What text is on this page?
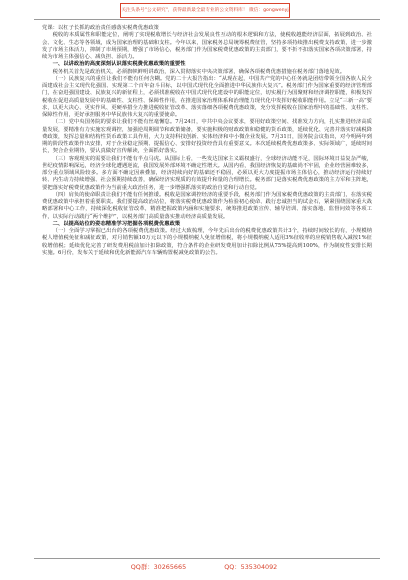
关注头条号"公文研究"，获得最新最全最专业的公文资料库！ 微信：gongwenyj

党课：以杠子长抓的政治责任感落实税费优惠政策

税收的本质属性和职能定位，阐明了实现税收增长与经济社会发展良性互动的根本逻辑和方法，使税收越能经济层面，拓展到政治、社会、文化、生态等各领域，成为国家治理的基础和支柱。今年以来，国家税务总局统筹税费征管，坚持多项持续推出税费支持政策，进一步激发了市场主体活力，抑制了市场预期，增强了市场信心，税务部门作为国家税费优惠政策的主责部门，要不折不扣落实国家各项决策部署，持续为市场主体强信心、减负担、添活力。

一、以讲政治的高度深刻认识落实税费优惠政策的重要性

税务机关首先是政治机关，必须旗帜鲜明讲政治，深入贯彻落实中央决策部署，确保各项税费优惠措施在税务部门落地见效。

（一）民族复兴的重任让我们不能有任何含糊。党的二十大报告指出：“从现在起，中国共产党的中心任务就是团结带领全国各族人民全面建成社会主义现代化强国、实现第二个百年奋斗目标，以中国式现代化全面推进中华民族伟大复兴”。税务部门作为国家重要的经济管理部门，在奋进强国建设、民族复兴的新征程上，必须找准税收在中国式现代化建设中的职能定位，切实履行为国聚财和经济调控职能，积极发挥税收在促进高质量发展中的基础性、支柱性、保障性作用，在推进国家治理体系和治理能力现代化中发挥好税收职能作用。立足“三新一高”要求，以更大决心、更实作风、更硬举措全力推进税收征管改革、落实落细各项税费优惠政策，充分发挥税收在国家治理中的基础性、支柱性、保障性作用，更好承担服务中华民族伟大复兴的重要使命。

（二）党中央国务院的要求让我们不能有丝毫懈怠。7月24日，中共中央会议要求，要用好政策空间、找准发力方向，扎实推进经济高质量发展，要精准有力实施宏观调控，加强逆周期调节和政策储备，要实施积极的财政政策和稳健的货币政策，延续优化、完善并落实好减税降费政策，发挥总量和结构性货币政策工具作用，大力支持科技创新、实体经济和中小微企业发展。7月31日，国务院会议指出，对今明两年到期的阶段性政策作出安排，对于企业稳定预期、提振信心、安排好投资经营具有重要意义。本次延续税费优惠政策多、实际领域广，延续时间长，契合企业期待，要认真做好宣传解读，全面抓好落实。

（三）客观现实的需要让我们不能有半点马虎。从国际上看，一些发达国家主义霸权盛行，全球经济动能不足，国际环境日益复杂严峻，世纪疫情影响深远，经济全球化遭遇逆流，我国发展外部环境不确定性增大。从国内看，我国经济恢复的基础尚不牢固，企业经营困难较多，部分重点领域风险较多。多方面不确定因素叠加，经济持续向好的基础还不稳固，必须以更大力度提振市场主体信心，推动经济运行持续好转、内生动力持续增强、社会预期持续改善，确保经济实现质的有效提升和量的合理增长。税务部门是落实税费优惠政策的主力军和主阵地，要把落实好税费优惠政策作为当前重大政治任务，进一步增强抓落实的政治自觉和行动自觉。

（四）肩负的使命职责让我们不能有任何推诿。税收是国家调控经济的重要手段，税务部门作为国家税费优惠政策的主责部门，在落实税费优惠政策中承担着重要职责。我们要提高政治站位，将落实税费优惠政策作为检验初心使命、践行忠诚担当的试金石，紧紧围绕国家重大战略部署和中心工作，持续深化税收征管改革，精准把握政策内涵和实施要求，统筹推进政策宣传、辅导培训、落实落地、监督问效等各项工作，以实际行动践行“两个维护”，以税务部门高质量落实推动经济高质量发展。

二、以提高站位的姿态精准学习把握各项税费优惠政策

（一）全面学习掌握已出台的各项税费优惠政策。经过大致梳理，今年先后出台的税费优惠政策共计3个，持续时间较长的有，小规模纳税人增值税免征和减征政策，对月销售额10万元以下的小规模纳税人免征增值税，将小规模纳税人适用3%征收率的应税销售收入减按1%征收增值税；延续优化完善了研发费用税前加计扣除政策，符合条件的企业研发费用加计扣除比例从75%提高到100%，作为制度性安排长期实施。6月份，发布关于延续和优化新能源汽车车辆购置税减免政策的公告。

QQ群：30265665	QQ：535304092
